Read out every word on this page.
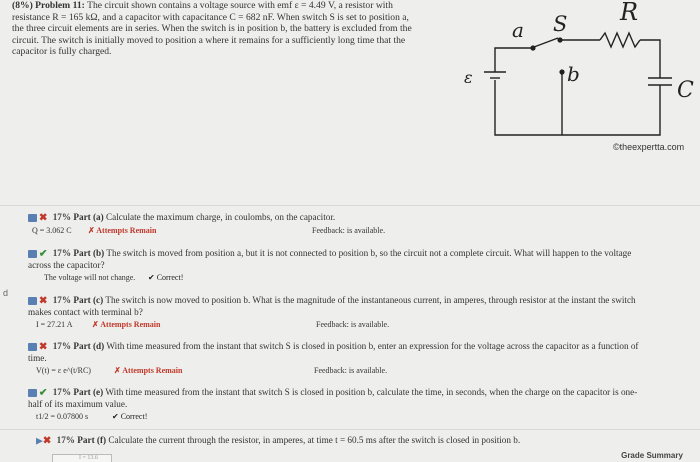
(8%) Problem 11: The circuit shown contains a voltage source with emf ε = 4.49 V, a resistor with
resistance R = 165 kΩ, and a capacitor with capacitance C = 682 nF. When switch S is set to position a,
the three circuit elements are in series. When the switch is in position b, the battery is excluded from the
circuit. The switch is initially moved to position a where it remains for a sufficiently long time that the
capacitor is fully charged.
a S R
b
ε
C
©theexpertta.com
✖ 17% Part (a) Calculate the maximum charge, in coulombs, on the capacitor.
Q = 3.062 C ✗ Attempts Remain	Feedback: is available.
✔ 17% Part (b) The switch is moved from position a, but it is not connected to position b, so the circuit not a complete circuit. What will happen to the voltage
across the capacitor?
The voltage will not change. ✔ Correct!
✖ 17% Part (c) The switch is now moved to position b. What is the magnitude of the instantaneous current, in amperes, through resistor at the instant the switch
makes contact with terminal b?
I = 27.21 A ✗ Attempts Remain	Feedback: is available.
d
✖ 17% Part (d) With time measured from the instant that switch S is closed in position b, enter an expression for the voltage across the capacitor as a function of
time.
V(t) = ε e^(t/RC)	✗ Attempts Remain	Feedback: is available.
✔ 17% Part (e) With time measured from the instant that switch S is closed in position b, calculate the time, in seconds, when the charge on the capacitor is one-
half of its maximum value.
t1/2 = 0.07800 s	✔ Correct!
▶✖ 17% Part (f) Calculate the current through the resistor, in amperes, at time t = 60.5 ms after the switch is closed in position b.
I = 13.6	Grade Summary
